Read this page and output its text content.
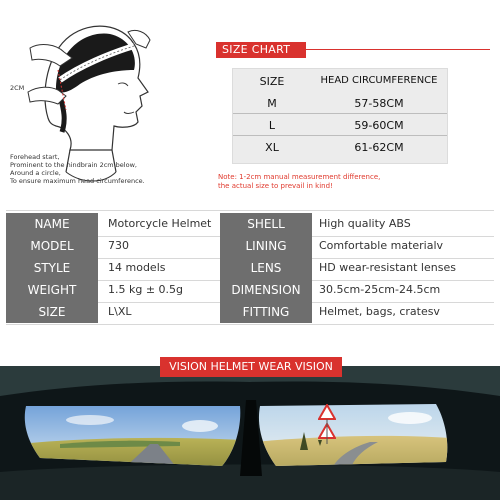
2CM
Forehead start,
Prominent to the hindbrain 2cm below,
Around a circle,
To ensure maximum head circumference.
SIZE CHART
SIZE	HEAD CIRCUMFERENCE
M	57-58CM
L	59-60CM
XL	61-62CM
Note: 1-2cm manual measurement difference,
the actual size to prevail in kind!
NAME	Motorcycle Helmet	SHELL	High quality ABS
MODEL	730	LINING	Comfortable materialv
STYLE	14 models	LENS	HD wear-resistant lenses
WEIGHT	1.5 kg ± 0.5g	DIMENSION	30.5cm-25cm-24.5cm
SIZE	L\XL	FITTING	Helmet, bags, cratesv
VISION HELMET WEAR VISION
